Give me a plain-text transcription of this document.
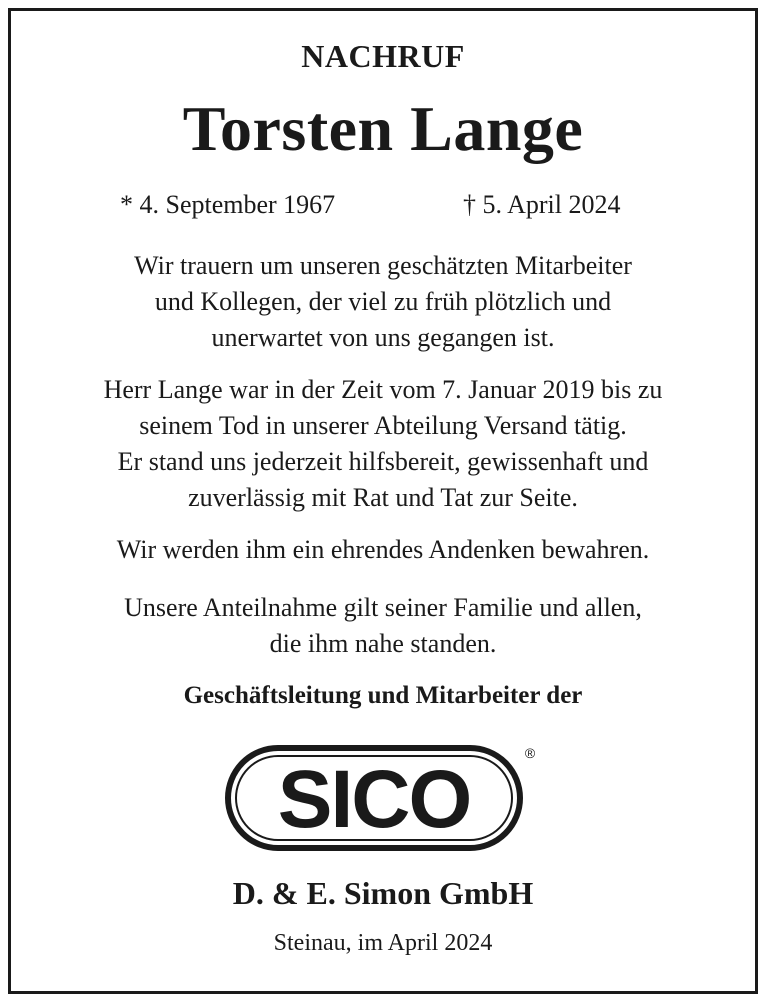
NACHRUF
Torsten Lange
* 4. September 1967	† 5. April 2024
Wir trauern um unseren geschätzten Mitarbeiter
und Kollegen, der viel zu früh plötzlich und
unerwartet von uns gegangen ist.
Herr Lange war in der Zeit vom 7. Januar 2019 bis zu
seinem Tod in unserer Abteilung Versand tätig.
Er stand uns jederzeit hilfsbereit, gewissenhaft und
zuverlässig mit Rat und Tat zur Seite.
Wir werden ihm ein ehrendes Andenken bewahren.
Unsere Anteilnahme gilt seiner Familie und allen,
die ihm nahe standen.
Geschäftsleitung und Mitarbeiter der
SICO
®
D. & E. Simon GmbH
Steinau, im April 2024
